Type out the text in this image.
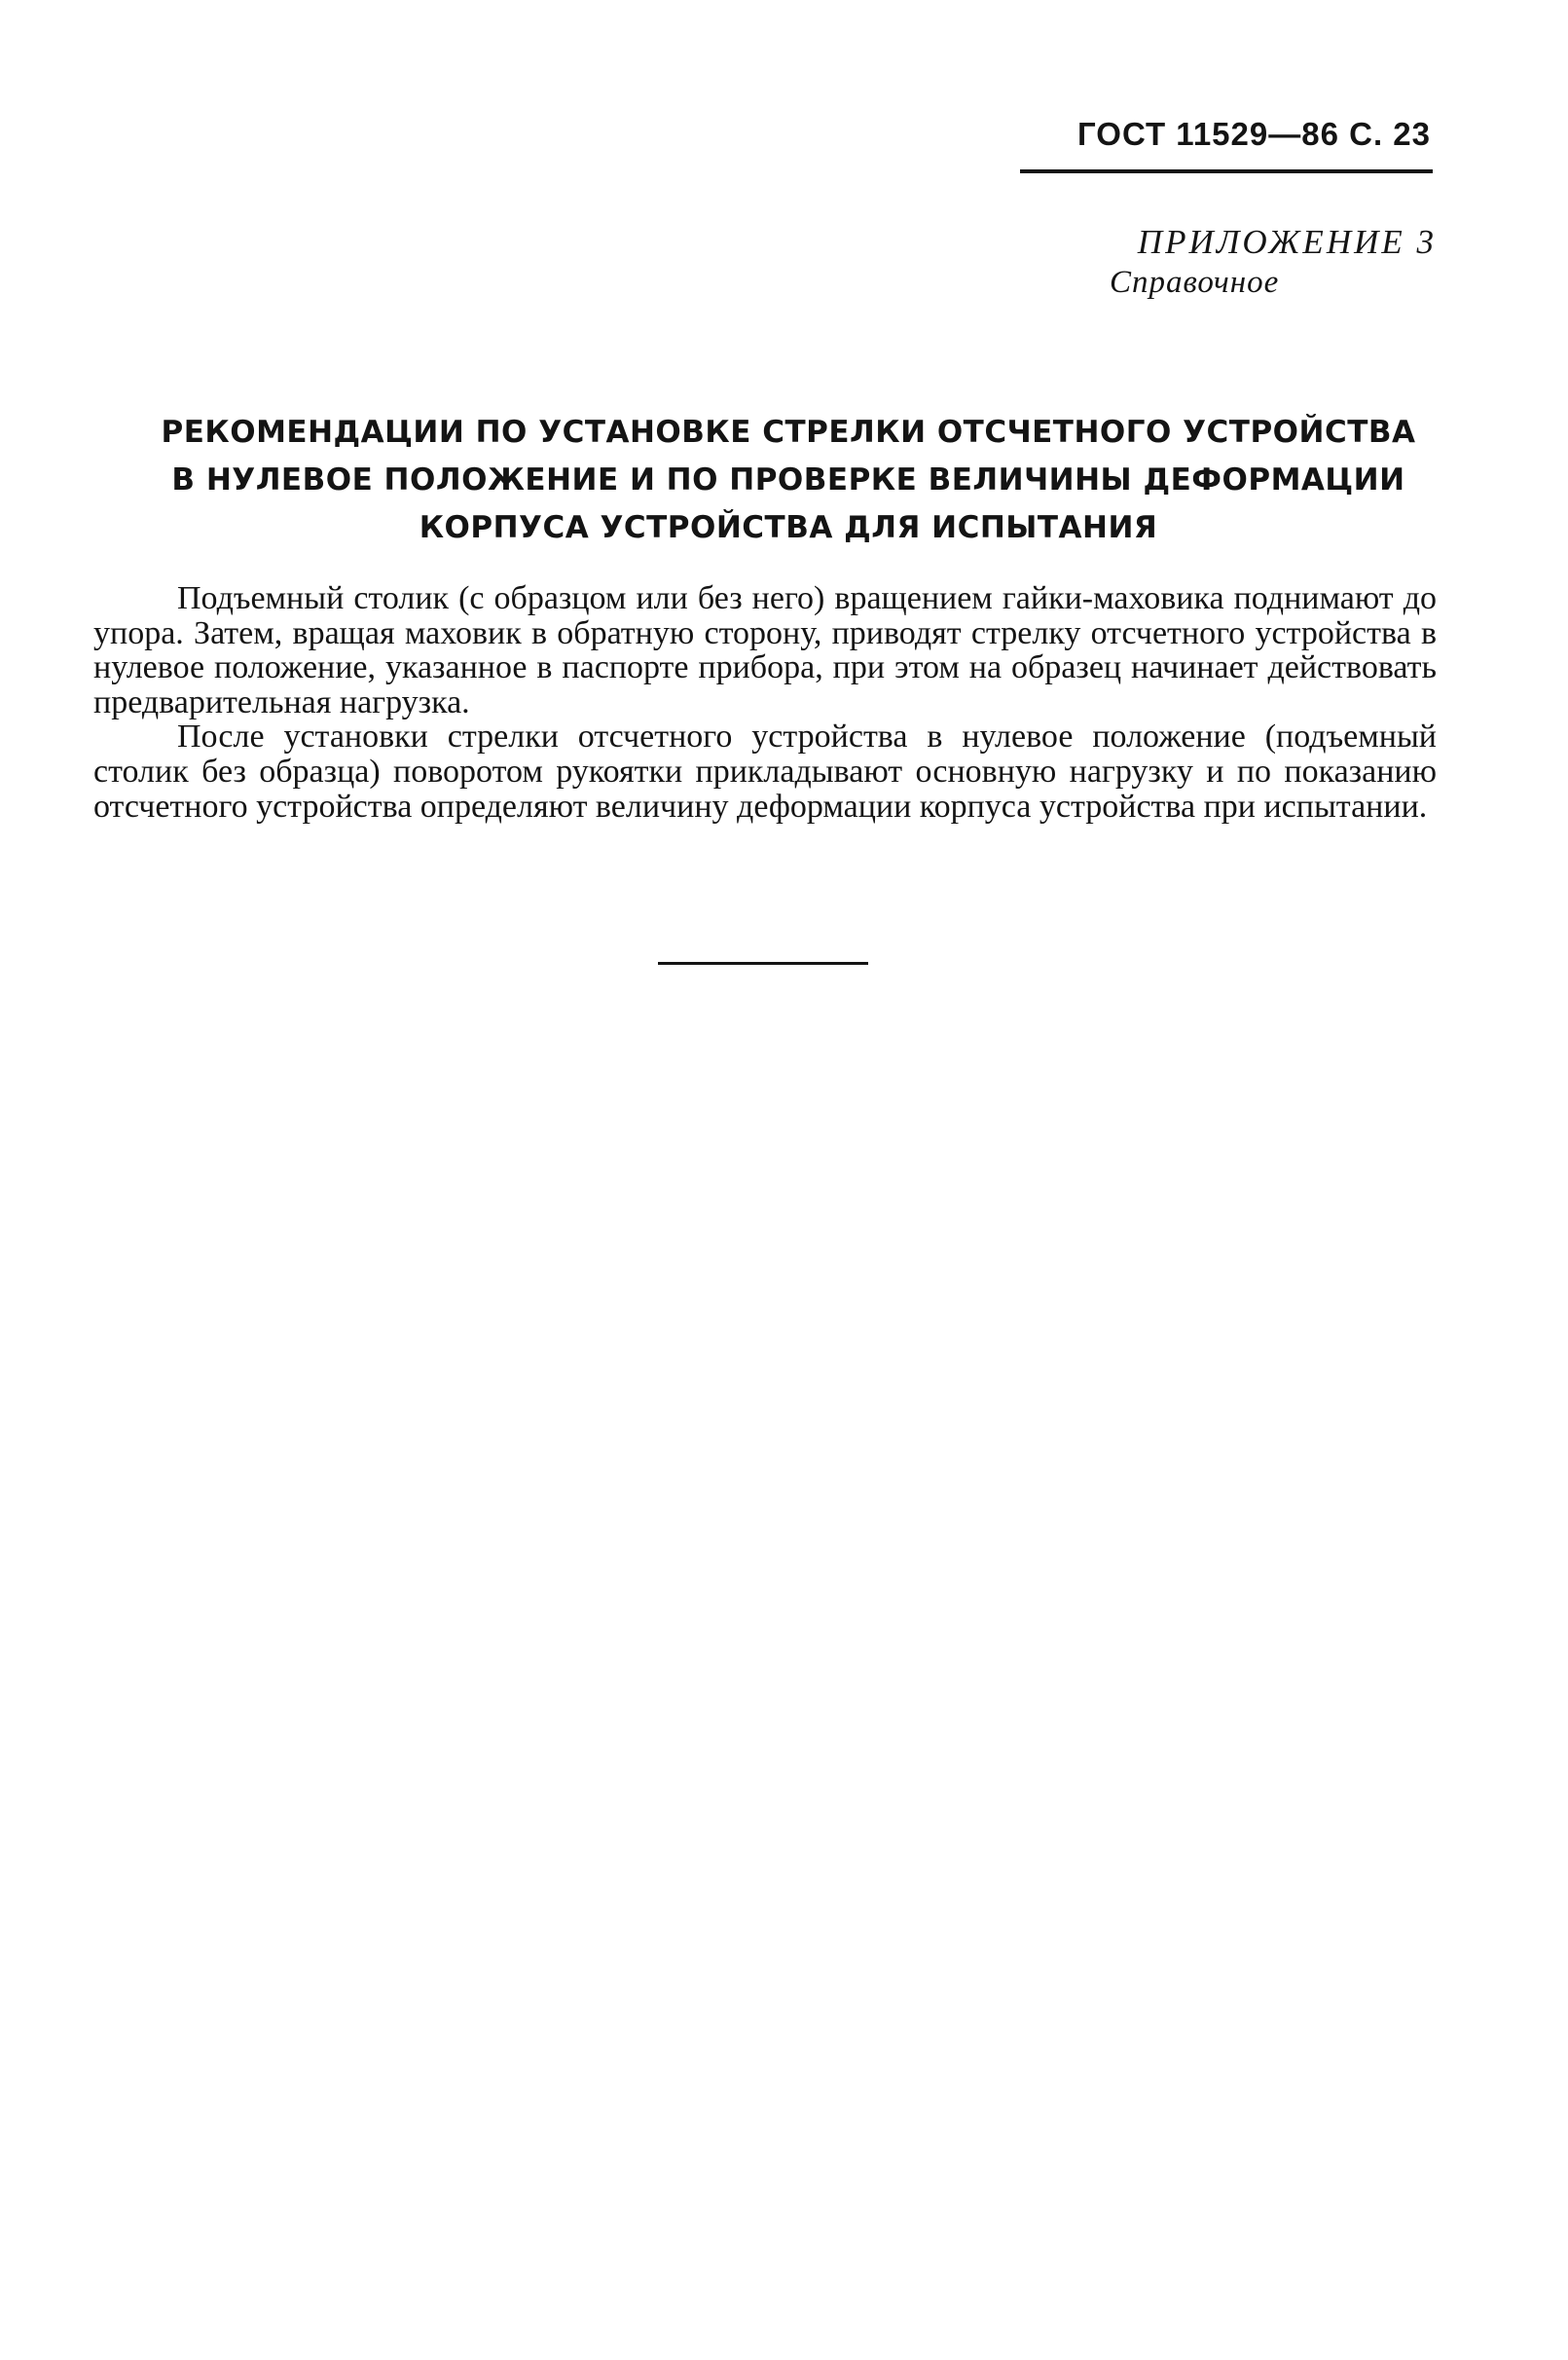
ГОСТ 11529—86 С. 23
ПРИЛОЖЕНИЕ 3
Справочное
РЕКОМЕНДАЦИИ ПО УСТАНОВКЕ СТРЕЛКИ ОТСЧЕТНОГО УСТРОЙСТВА
В НУЛЕВОЕ ПОЛОЖЕНИЕ И ПО ПРОВЕРКЕ ВЕЛИЧИНЫ ДЕФОРМАЦИИ
КОРПУСА УСТРОЙСТВА ДЛЯ ИСПЫТАНИЯ

Подъемный столик (с образцом или без него) вращением гайки-маховика поднимают до упора. Затем, вращая маховик в обратную сторону, приводят стрелку отсчетного устройства в нулевое положение, указанное в паспорте прибора, при этом на образец начинает действовать предварительная нагрузка.

После установки стрелки отсчетного устройства в нулевое положение (подъемный столик без образца) поворотом рукоятки прикладывают основную нагрузку и по показанию отсчетного устройства определяют величину деформации корпуса устройства при испытании.
